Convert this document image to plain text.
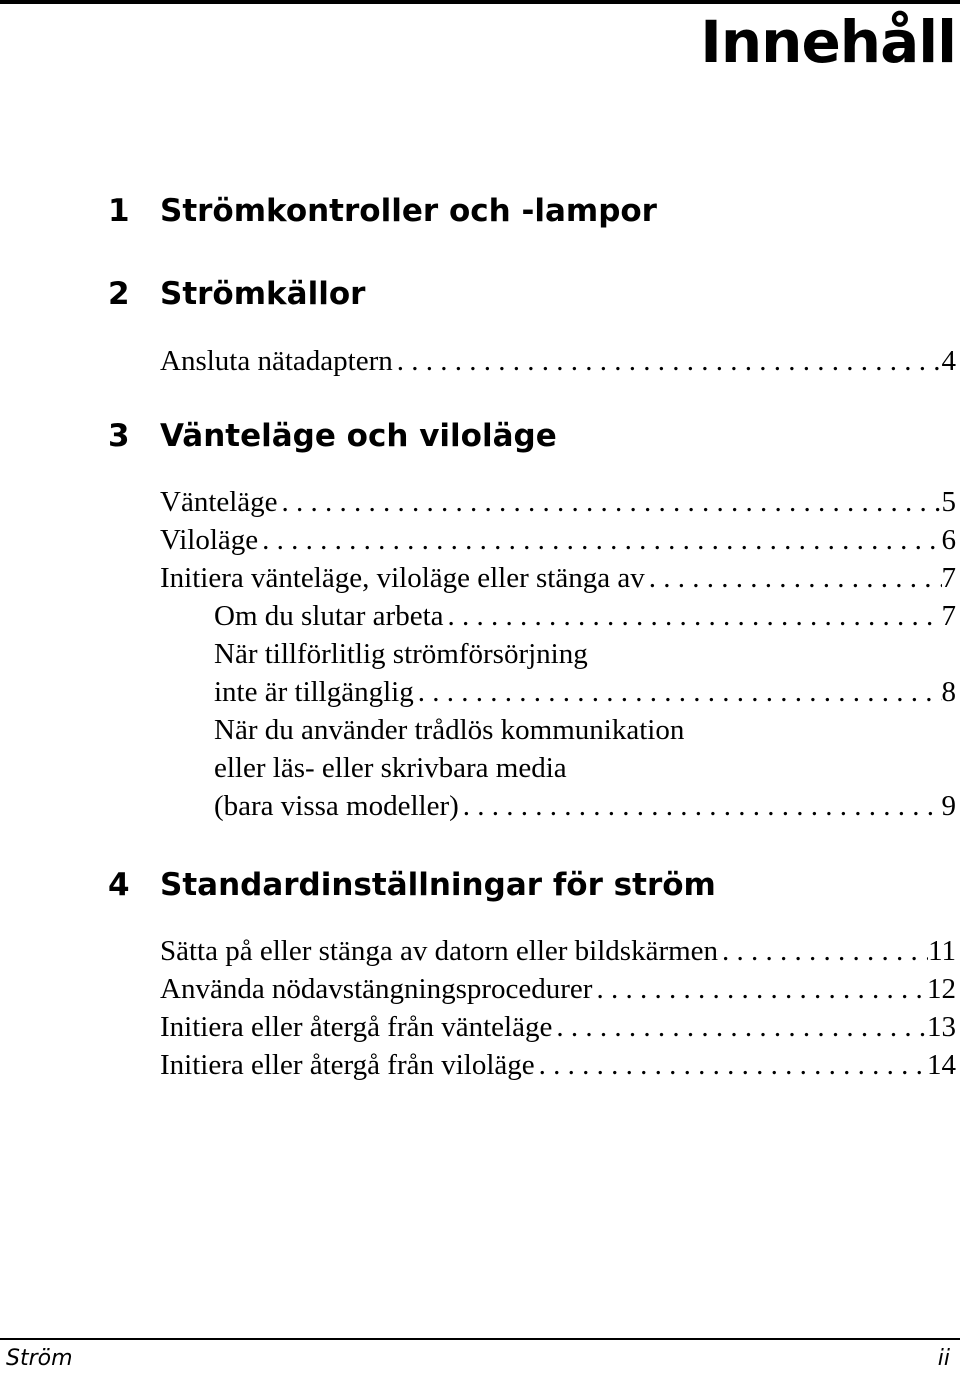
Innehåll
1 Strömkontroller och -lampor
2 Strömkällor
Ansluta nätadaptern . . .	4
3 Vänteläge och viloläge
Vänteläge . . .	5
Viloläge . . .	6
Initiera vänteläge, viloläge eller stänga av . . .	7
Om du slutar arbeta . . .	7
När tillförlitlig strömförsörjning
inte är tillgänglig . . .	8
När du använder trådlös kommunikation
eller läs- eller skrivbara media
(bara vissa modeller) . . .	9
4 Standardinställningar för ström
Sätta på eller stänga av datorn eller bildskärmen . . .	11
Använda nödavstängningsprocedurer . . .	12
Initiera eller återgå från vänteläge . . .	13
Initiera eller återgå från viloläge . . .	14
Ström	ii
